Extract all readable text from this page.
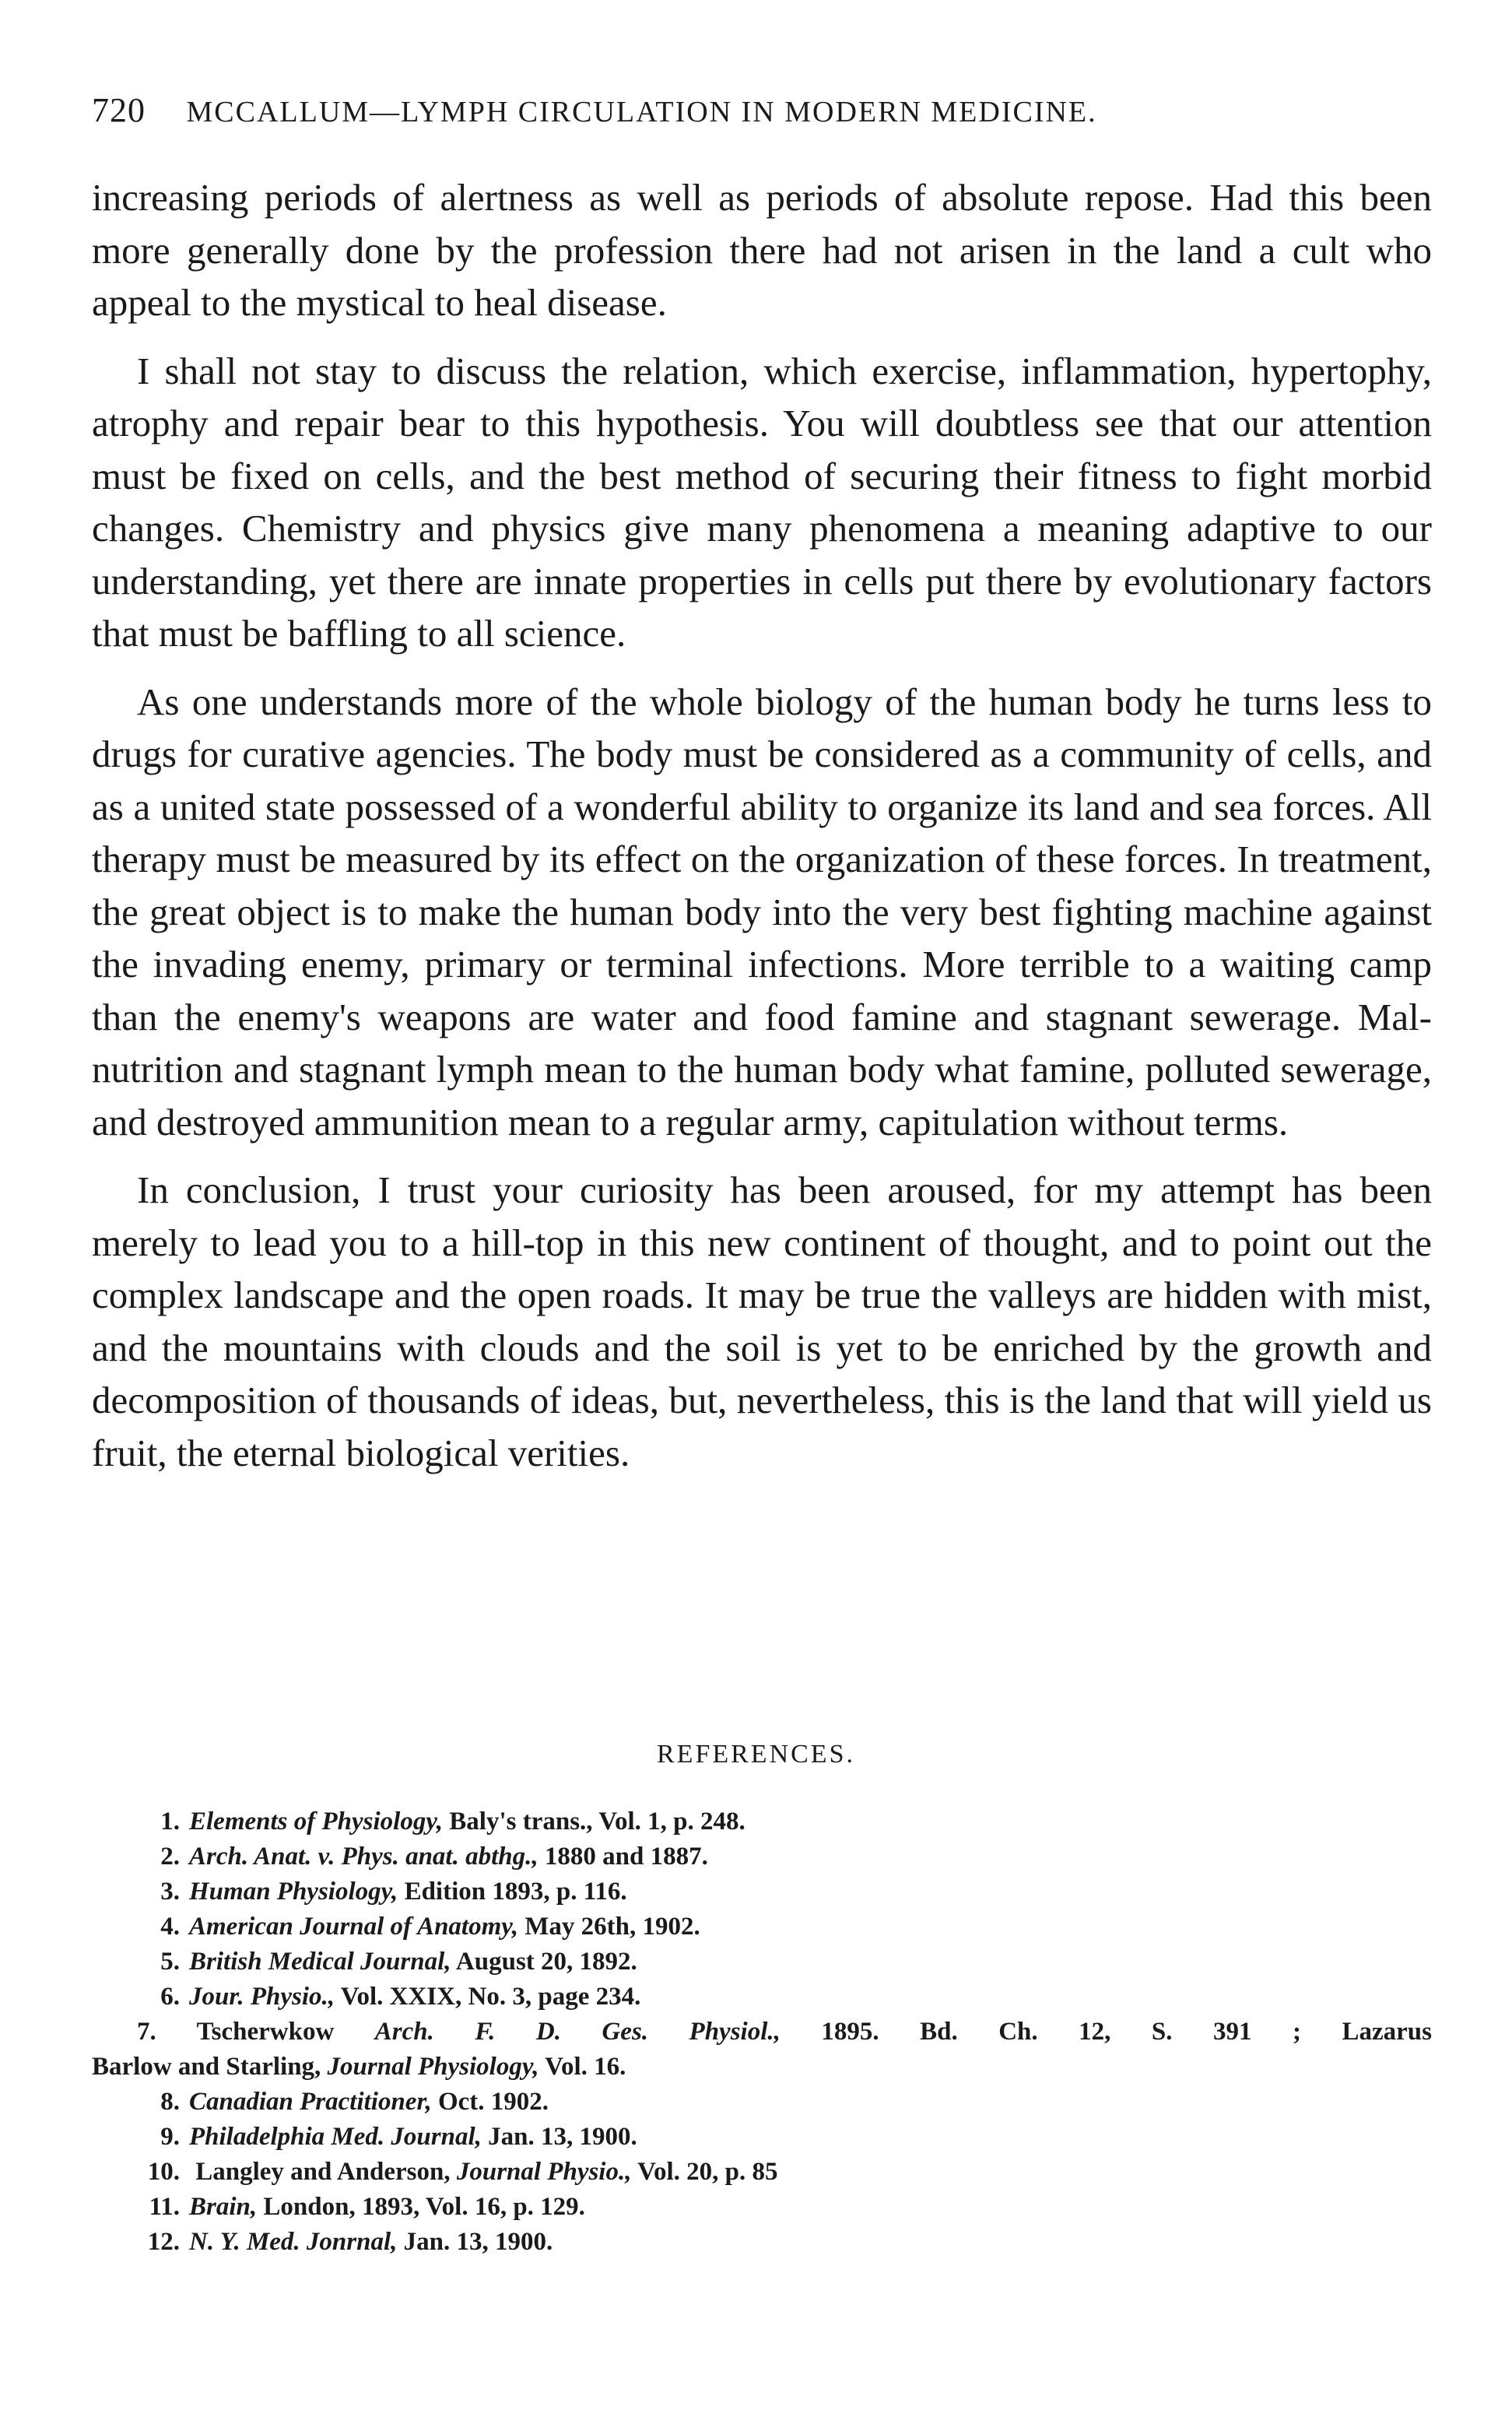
720 MCCALLUM—LYMPH CIRCULATION IN MODERN MEDICINE.

increasing periods of alertness as well as periods of absolute repose. Had this been more generally done by the profession there had not arisen in the land a cult who appeal to the mystical to heal disease.

I shall not stay to discuss the relation, which exercise, inflammation, hypertophy, atrophy and repair bear to this hypothesis. You will doubtless see that our attention must be fixed on cells, and the best method of securing their fitness to fight morbid changes. Chemistry and physics give many phenomena a meaning adaptive to our understanding, yet there are innate properties in cells put there by evolutionary factors that must be baffling to all science.

As one understands more of the whole biology of the human body he turns less to drugs for curative agencies. The body must be considered as a community of cells, and as a united state possessed of a wonderful ability to organize its land and sea forces. All therapy must be measured by its effect on the organization of these forces. In treatment, the great object is to make the human body into the very best fighting machine against the invading enemy, primary or terminal infections. More terrible to a waiting camp than the enemy's weapons are water and food famine and stagnant sewerage. Mal-nutrition and stagnant lymph mean to the human body what famine, polluted sewerage, and destroyed ammunition mean to a regular army, capitulation without terms.

In conclusion, I trust your curiosity has been aroused, for my attempt has been merely to lead you to a hill-top in this new continent of thought, and to point out the complex landscape and the open roads. It may be true the valleys are hidden with mist, and the mountains with clouds and the soil is yet to be enriched by the growth and decomposition of thousands of ideas, but, nevertheless, this is the land that will yield us fruit, the eternal biological verities.

REFERENCES.
1. Elements of Physiology, Baly's trans., Vol. 1, p. 248.
2. Arch. Anat. v. Phys. anat. abthg., 1880 and 1887.
3. Human Physiology, Edition 1893, p. 116.
4. American Journal of Anatomy, May 26th, 1902.
5. British Medical Journal, August 20, 1892.
6. Jour. Physio., Vol. XXIX, No. 3, page 234.
7. Tscherwkow Arch. F. D. Ges. Physiol., 1895. Bd. Ch. 12, S. 391 ; Lazarus
Barlow and Starling, Journal Physiology, Vol. 16.
8. Canadian Practitioner, Oct. 1902.
9. Philadelphia Med. Journal, Jan. 13, 1900.
10. Langley and Anderson, Journal Physio., Vol. 20, p. 85
11. Brain, London, 1893, Vol. 16, p. 129.
12. N. Y. Med. Jonrnal, Jan. 13, 1900.
